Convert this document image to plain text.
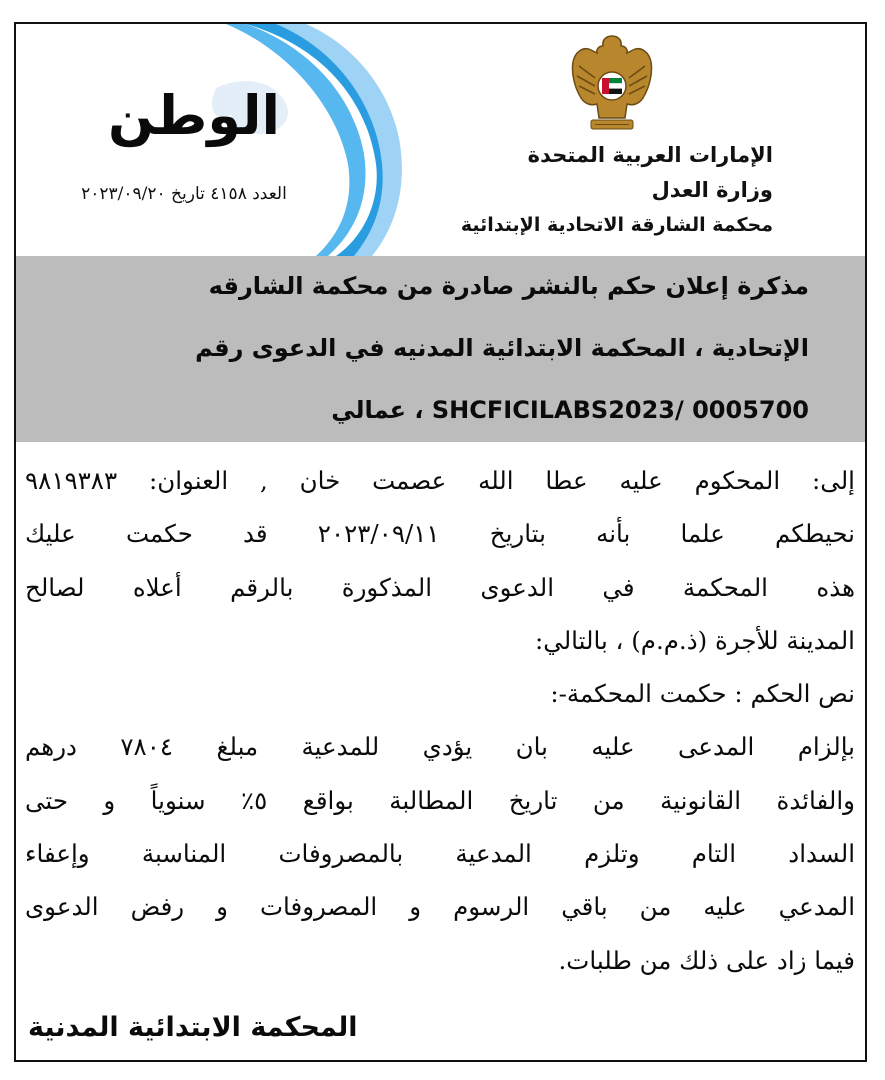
الإمارات العربية المتحدة
وزارة العدل
محكمة الشارقة الاتحادية الإبتدائية
الوطن
العدد ٤١٥٨ تاريخ ٢٠٢٣/٠٩/٢٠
مذكرة إعلان حكم بالنشر صادرة من محكمة الشارقه
الإتحادية ، المحكمة الابتدائية المدنيه في الدعوى رقم
SHCFICILABS2023/ 0005700 ، عمالي
إلى: المحكوم عليه عطا الله عصمت خان , العنوان: ٩٨١٩٣٨٣
نحيطكم علما بأنه بتاريخ ٢٠٢٣/٠٩/١١ قد حكمت عليك
هذه المحكمة في الدعوى المذكورة بالرقم أعلاه لصالح
المدينة للأجرة (ذ.م.م) ، بالتالي:
نص الحكم : حكمت المحكمة-:
بإلزام المدعى عليه بان يؤدي للمدعية مبلغ ٧٨٠٤ درهم
والفائدة القانونية من تاريخ المطالبة بواقع ٥٪ سنوياً و حتى
السداد التام وتلزم المدعية بالمصروفات المناسبة وإعفاء
المدعي عليه من باقي الرسوم و المصروفات و رفض الدعوى
فيما زاد على ذلك من طلبات.
المحكمة الابتدائية المدنية
